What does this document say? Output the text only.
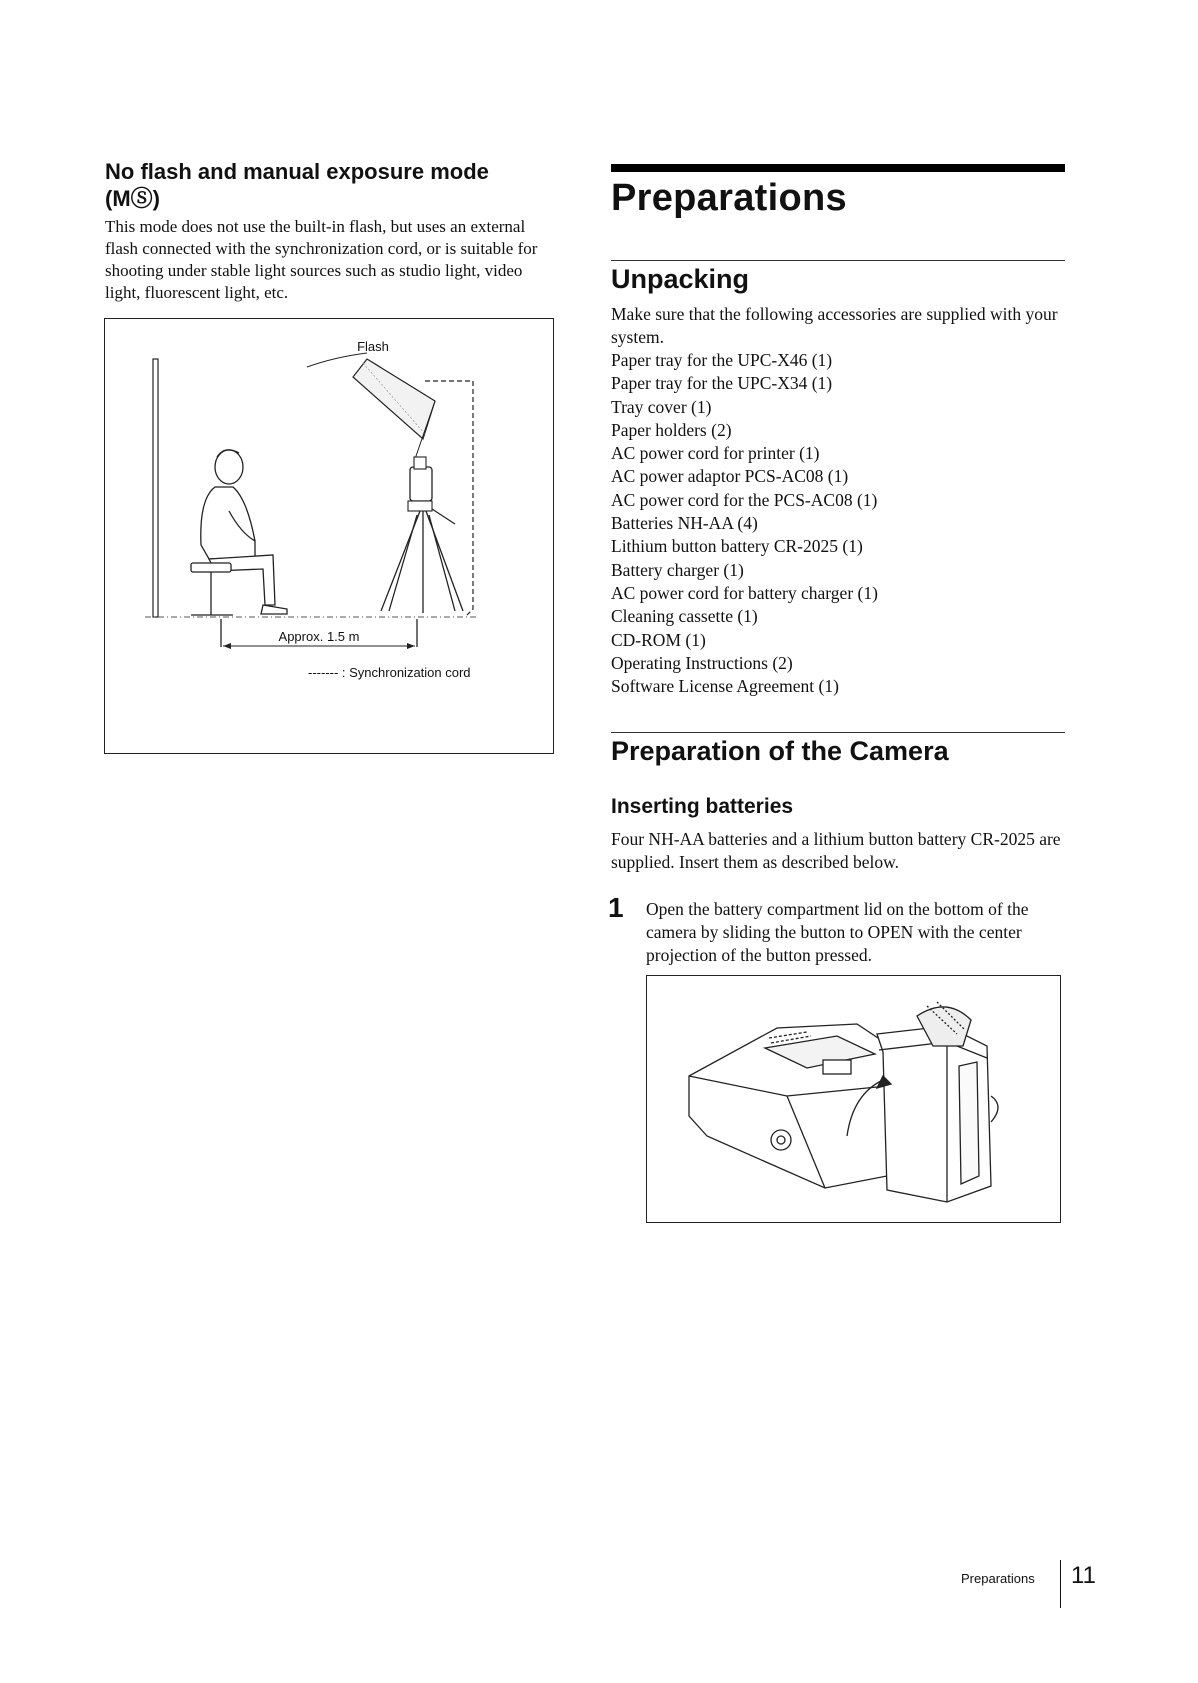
No flash and manual exposure mode (MⓈ)
This mode does not use the built-in flash, but uses an external flash connected with the synchronization cord, or is suitable for shooting under stable light sources such as studio light, video light, fluorescent light, etc.
Flash
Approx. 1.5 m
------- : Synchronization cord
Preparations
Unpacking
Make sure that the following accessories are supplied with your system.
Paper tray for the UPC-X46 (1)
Paper tray for the UPC-X34 (1)
Tray cover (1)
Paper holders (2)
AC power cord for printer (1)
AC power adaptor PCS-AC08 (1)
AC power cord for the PCS-AC08 (1)
Batteries NH-AA (4)
Lithium button battery CR-2025 (1)
Battery charger (1)
AC power cord for battery charger (1)
Cleaning cassette (1)
CD-ROM (1)
Operating Instructions (2)
Software License Agreement (1)
Preparation of the Camera
Inserting batteries
Four NH-AA batteries and a lithium button battery CR-2025 are supplied. Insert them as described below.
1 Open the battery compartment lid on the bottom of the camera by sliding the button to OPEN with the center projection of the button pressed.
Preparations 11
